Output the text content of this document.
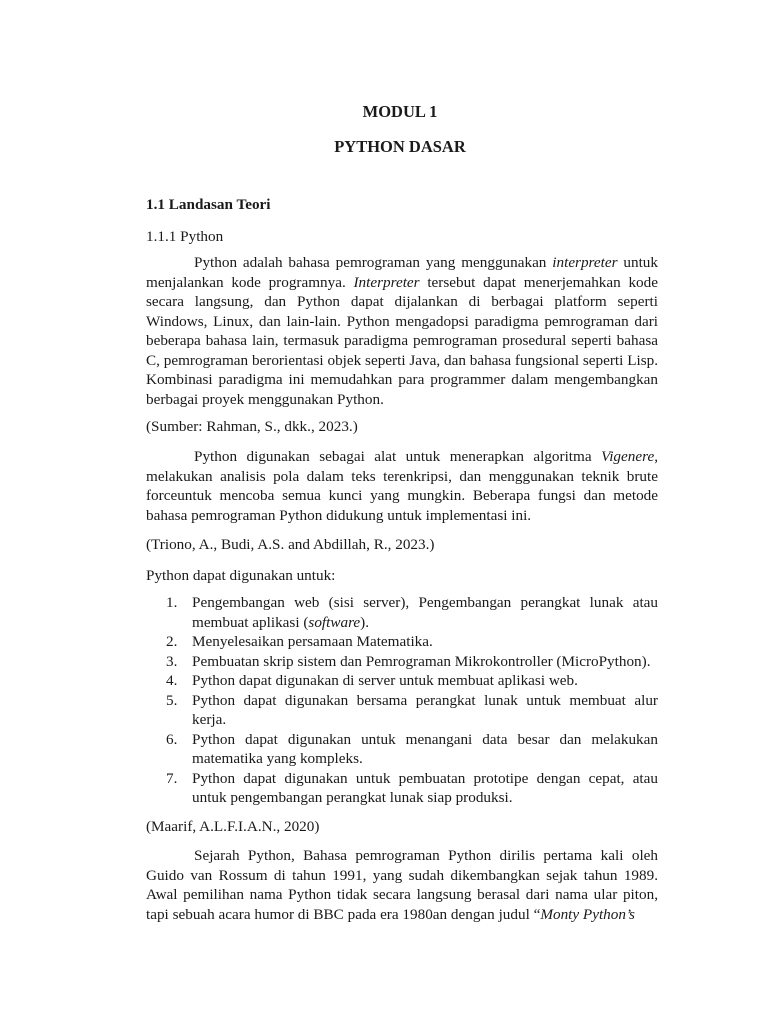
MODUL 1
PYTHON DASAR
1.1 Landasan Teori
1.1.1 Python

Python adalah bahasa pemrograman yang menggunakan interpreter untuk menjalankan kode programnya. Interpreter tersebut dapat menerjemahkan kode secara langsung, dan Python dapat dijalankan di berbagai platform seperti Windows, Linux, dan lain-lain. Python mengadopsi paradigma pemrograman dari beberapa bahasa lain, termasuk paradigma pemrograman prosedural seperti bahasa C, pemrograman berorientasi objek seperti Java, dan bahasa fungsional seperti Lisp. Kombinasi paradigma ini memudahkan para programmer dalam mengembangkan berbagai proyek menggunakan Python.

(Sumber: Rahman, S., dkk., 2023.)

Python digunakan sebagai alat untuk menerapkan algoritma Vigenere, melakukan analisis pola dalam teks terenkripsi, dan menggunakan teknik brute forceuntuk mencoba semua kunci yang mungkin. Beberapa fungsi dan metode bahasa pemrograman Python didukung untuk implementasi ini.

(Triono, A., Budi, A.S. and Abdillah, R., 2023.)

Python dapat digunakan untuk:

1. Pengembangan web (sisi server), Pengembangan perangkat lunak atau membuat aplikasi (software).
2. Menyelesaikan persamaan Matematika.
3. Pembuatan skrip sistem dan Pemrograman Mikrokontroller (MicroPython).
4. Python dapat digunakan di server untuk membuat aplikasi web.
5. Python dapat digunakan bersama perangkat lunak untuk membuat alur kerja.
6. Python dapat digunakan untuk menangani data besar dan melakukan matematika yang kompleks.
7. Python dapat digunakan untuk pembuatan prototipe dengan cepat, atau untuk pengembangan perangkat lunak siap produksi.

(Maarif, A.L.F.I.A.N., 2020)

Sejarah Python, Bahasa pemrograman Python dirilis pertama kali oleh Guido van Rossum di tahun 1991, yang sudah dikembangkan sejak tahun 1989. Awal pemilihan nama Python tidak secara langsung berasal dari nama ular piton, tapi sebuah acara humor di BBC pada era 1980an dengan judul “Monty Python’s
